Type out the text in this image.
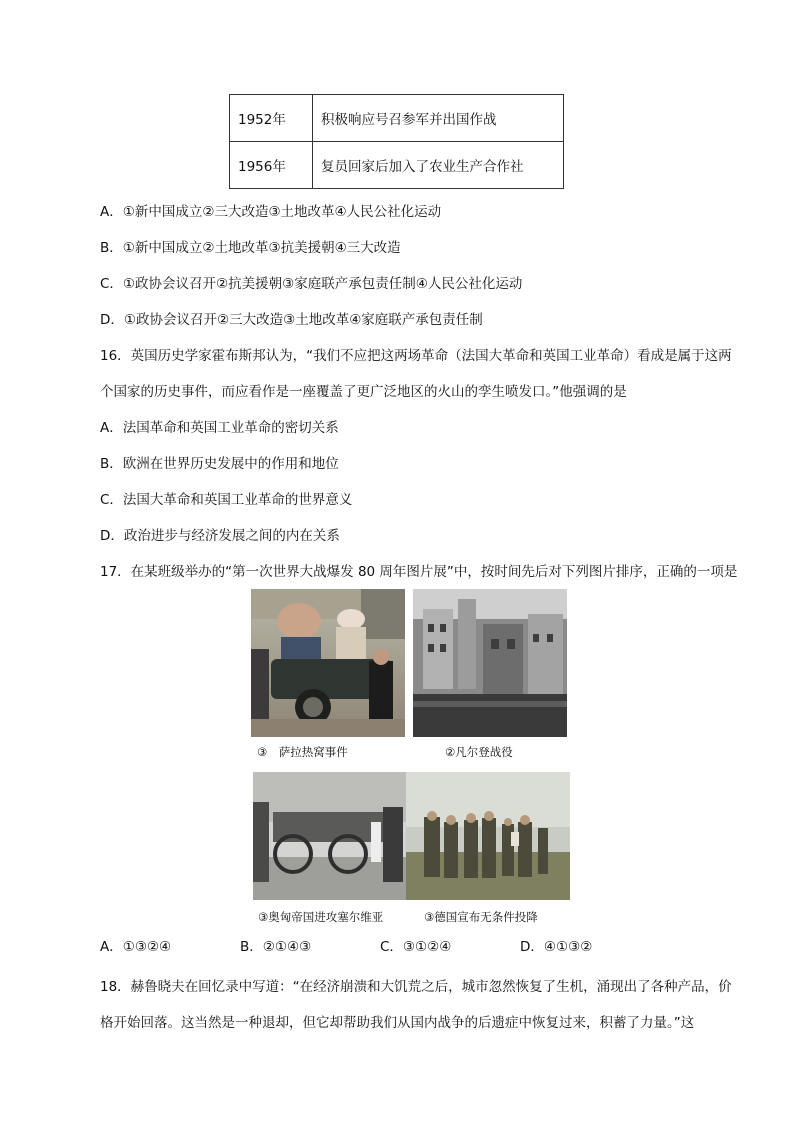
1952年	积极响应号召参军并出国作战
1956年	复员回家后加入了农业生产合作社
A．①新中国成立②三大改造③土地改革④人民公社化运动
B．①新中国成立②土地改革③抗美援朝④三大改造
C．①政协会议召开②抗美援朝③家庭联产承包责任制④人民公社化运动
D．①政协会议召开②三大改造③土地改革④家庭联产承包责任制
16．英国历史学家霍布斯邦认为，“我们不应把这两场革命（法国大革命和英国工业革命）看成是属于这两
个国家的历史事件，而应看作是一座覆盖了更广泛地区的火山的孪生喷发口。”他强调的是
A．法国革命和英国工业革命的密切关系
B．欧洲在世界历史发展中的作用和地位
C．法国大革命和英国工业革命的世界意义
D．政治进步与经济发展之间的内在关系
17．在某班级举办的“第一次世界大战爆发 80 周年图片展”中，按时间先后对下列图片排序，正确的一项是
③　萨拉热窝事件	②凡尔登战役
③奥匈帝国进攻塞尔维亚	③德国宣布无条件投降
A．①③②④	B．②①④③	C．③①②④	D．④①③②
18．赫鲁晓夫在回忆录中写道：“在经济崩溃和大饥荒之后，城市忽然恢复了生机，涌现出了各种产品，价
格开始回落。这当然是一种退却，但它却帮助我们从国内战争的后遗症中恢复过来，积蓄了力量。”这
